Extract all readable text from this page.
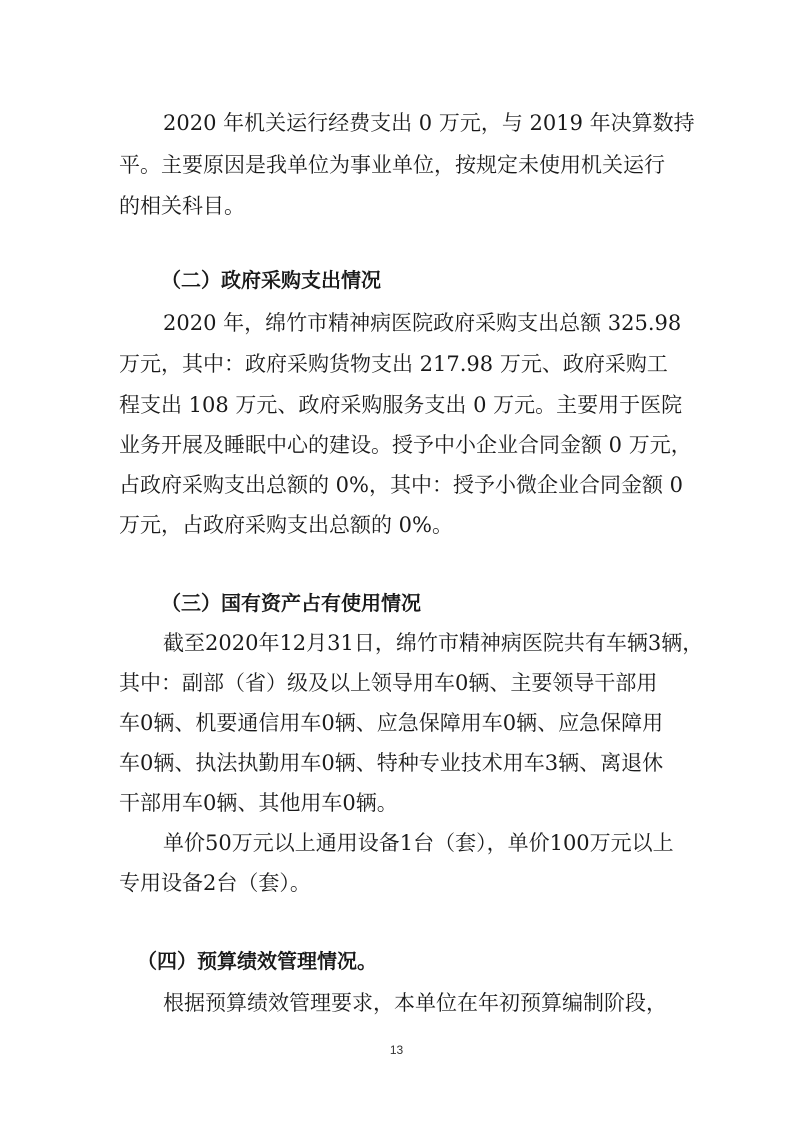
2020 年机关运行经费支出 0 万元，与 2019 年决算数持
平。主要原因是我单位为事业单位，按规定未使用机关运行
的相关科目。
（二）政府采购支出情况
2020 年，绵竹市精神病医院政府采购支出总额 325.98
万元，其中：政府采购货物支出 217.98 万元、政府采购工
程支出 108 万元、政府采购服务支出 0 万元。主要用于医院
业务开展及睡眠中心的建设。授予中小企业合同金额 0 万元，
占政府采购支出总额的 0%，其中：授予小微企业合同金额 0
万元，占政府采购支出总额的 0%。
（三）国有资产占有使用情况
截至2020年12月31日，绵竹市精神病医院共有车辆3辆，
其中：副部（省）级及以上领导用车0辆、主要领导干部用
车0辆、机要通信用车0辆、应急保障用车0辆、应急保障用
车0辆、执法执勤用车0辆、特种专业技术用车3辆、离退休
干部用车0辆、其他用车0辆。
单价50万元以上通用设备1台（套），单价100万元以上
专用设备2台（套）。
（四）预算绩效管理情况。
根据预算绩效管理要求，本单位在年初预算编制阶段，
13
